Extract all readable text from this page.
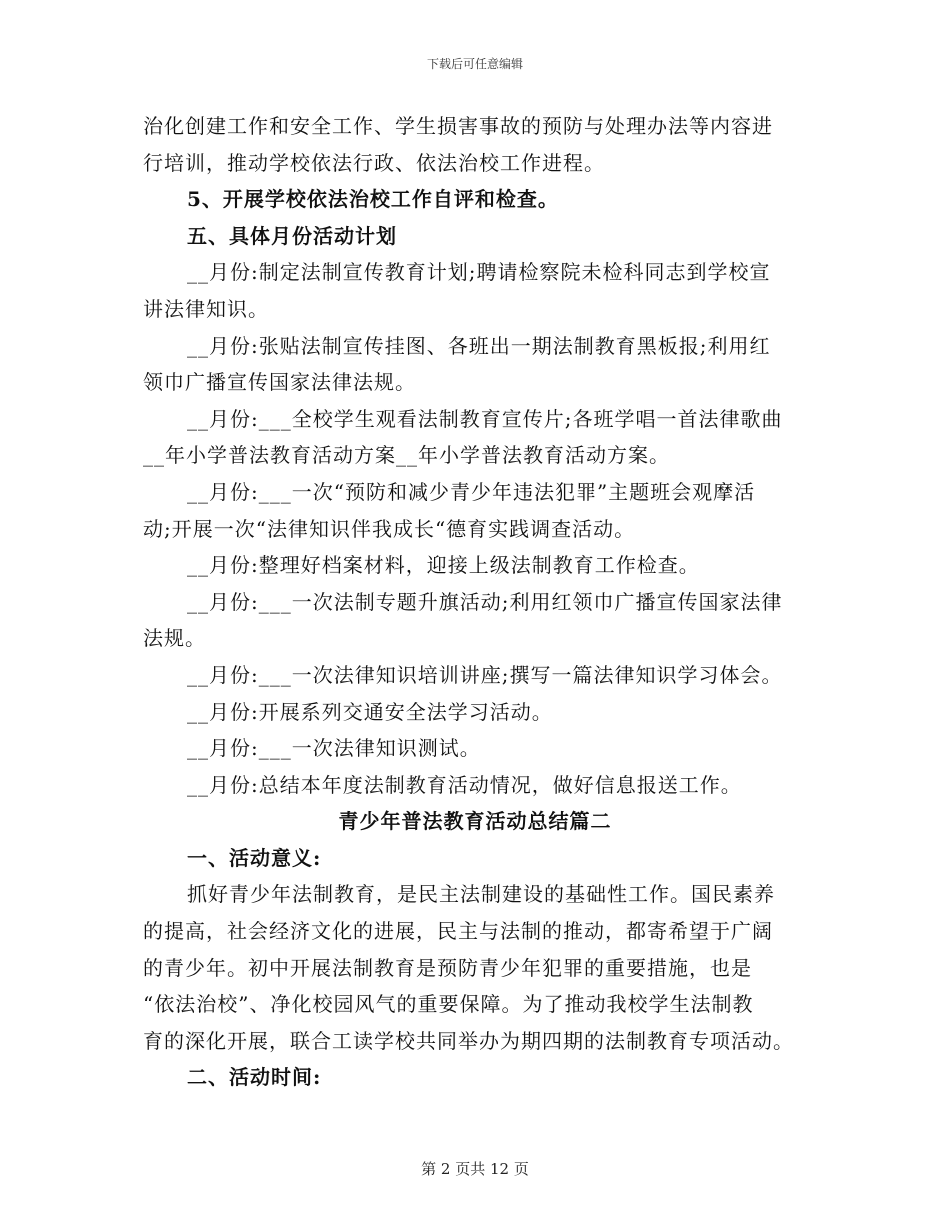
下载后可任意编辑
治化创建工作和安全工作、学生损害事故的预防与处理办法等内容进
行培训，推动学校依法行政、依法治校工作进程。
5、开展学校依法治校工作自评和检查。
五、具体月份活动计划
__月份:制定法制宣传教育计划;聘请检察院未检科同志到学校宣
讲法律知识。
__月份:张贴法制宣传挂图、各班出一期法制教育黑板报;利用红
领巾广播宣传国家法律法规。
__月份:___全校学生观看法制教育宣传片;各班学唱一首法律歌曲
__年小学普法教育活动方案__年小学普法教育活动方案。
__月份:___一次“预防和减少青少年违法犯罪”主题班会观摩活
动;开展一次“法律知识伴我成长“德育实践调查活动。
__月份:整理好档案材料，迎接上级法制教育工作检查。
__月份:___一次法制专题升旗活动;利用红领巾广播宣传国家法律
法规。
__月份:___一次法律知识培训讲座;撰写一篇法律知识学习体会。
__月份:开展系列交通安全法学习活动。
__月份:___一次法律知识测试。
__月份:总结本年度法制教育活动情况，做好信息报送工作。
青少年普法教育活动总结篇二
一、活动意义:
抓好青少年法制教育，是民主法制建设的基础性工作。国民素养
的提高，社会经济文化的进展，民主与法制的推动，都寄希望于广阔
的青少年。初中开展法制教育是预防青少年犯罪的重要措施，也是
“依法治校”、净化校园风气的重要保障。为了推动我校学生法制教
育的深化开展，联合工读学校共同举办为期四期的法制教育专项活动。
二、活动时间:
第 2 页共 12 页
